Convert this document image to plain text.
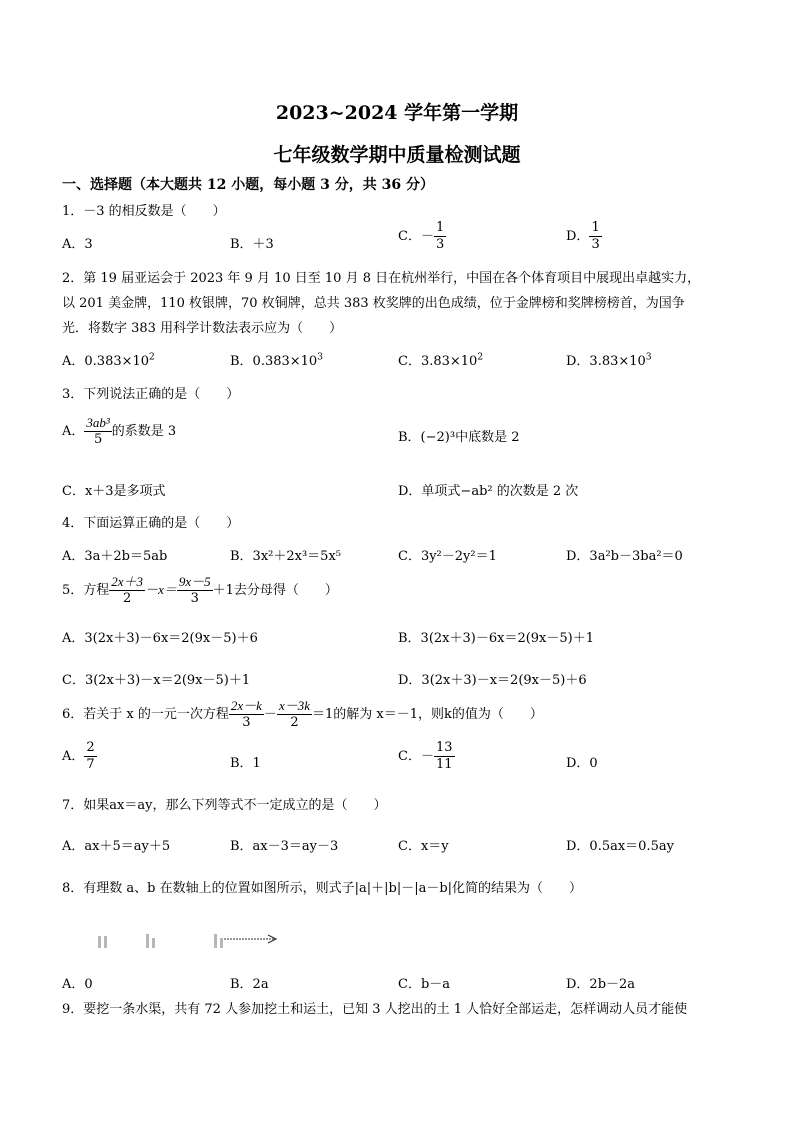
2023~2024 学年第一学期
七年级数学期中质量检测试题
一、选择题（本大题共 12 小题，每小题 3 分，共 36 分）
1．－3 的相反数是（　　）
A．3	B．＋3
C．－ $\frac{1}{3}$	D． $\frac{1}{3}$
2．第 19 届亚运会于 2023 年 9 月 10 日至 10 月 8 日在杭州举行，中国在各个体育项目中展现出卓越实力，
以 201 美金牌，110 枚银牌，70 枚铜牌，总共 383 枚奖牌的出色成绩，位于金牌榜和奖牌榜榜首，为国争
光．将数字 383 用科学计数法表示应为（　　）
A．$0.383\times 10^2$	B．$0.383\times 10^3$	C．$3.83\times 10^2$	D．$3.83\times 10^3$
3．下列说法正确的是（　　）
A． $\frac{\text{3ab³}}{5}$ 的系数是 3	B．(−2)³中底数是 2
C．x＋3是多项式	D．单项式−ab² 的次数是 2 次
4．下面运算正确的是（　　）
A．3a＋2b＝5ab	B．3x²＋2x³＝5x⁵	C．3y²－2y²＝1	D．3a²b－3ba²＝0
5．方程 $\frac{2x+3}{2} -x= \frac{9x-5}{3} +1$去分母得（　　）
A．3(2x＋3)－6x＝2(9x－5)＋6	B．3(2x＋3)－6x＝2(9x－5)＋1
C．3(2x＋3)－x＝2(9x－5)＋1	D．3(2x＋3)－x＝2(9x－5)＋6
6．若关于 x 的一元一次方程 $\frac{2x-k}{3} - \frac{x-3k}{2} =1$的解为 x＝－1，则k的值为（　　）
A． $\frac{2}{7}$	B．1	C．－ $\frac{13}{11}$	D．0
7．如果ax＝ay，那么下列等式不一定成立的是（　　）
A．ax＋5＝ay＋5	B．ax－3＝ay－3	C．x＝y	D．0.5ax＝0.5ay
8．有理数 a、b 在数轴上的位置如图所示，则式子|a|＋|b|－|a－b|化简的结果为（　　）
A．0	B．2a	C．b－a	D．2b－2a
9．要挖一条水渠，共有 72 人参加挖土和运土，已知 3 人挖出的土 1 人恰好全部运走，怎样调动人员才能使
